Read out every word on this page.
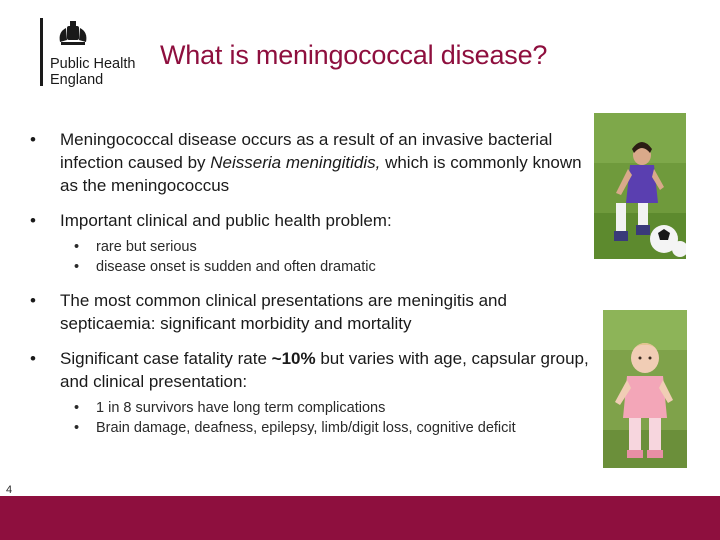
Public Health
England
What is meningococcal disease?
• Meningococcal disease occurs as a result of an invasive bacterial infection caused by Neisseria meningitidis, which is commonly known as the meningococcus
• Important clinical and public health problem:
• rare but serious
• disease onset is sudden and often dramatic
• The most common clinical presentations are meningitis and septicaemia: significant morbidity and mortality
• Significant case fatality rate ~10% but varies with age, capsular group, and clinical presentation:
• 1 in 8 survivors have long term complications
• Brain damage, deafness, epilepsy, limb/digit loss, cognitive deficit
4
